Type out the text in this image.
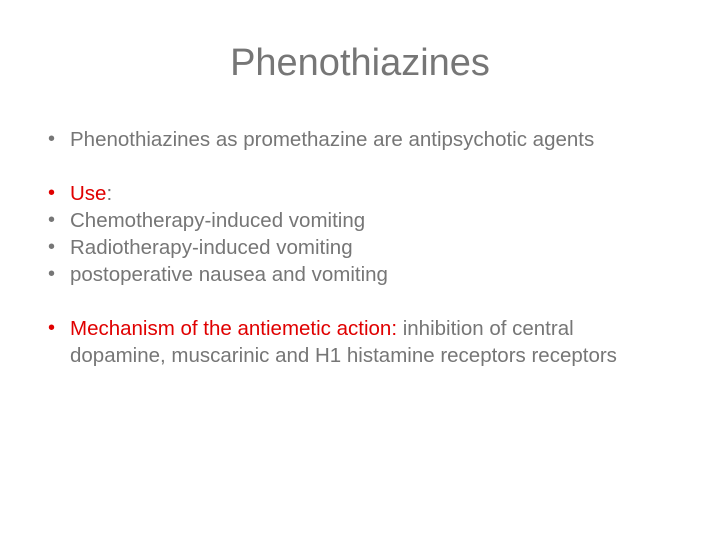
Phenothiazines
• Phenothiazines as promethazine are antipsychotic agents
• Use:
• Chemotherapy-induced vomiting
• Radiotherapy-induced vomiting
• postoperative nausea and vomiting
• Mechanism of the antiemetic action: inhibition of central dopamine, muscarinic and H1 histamine receptors receptors
